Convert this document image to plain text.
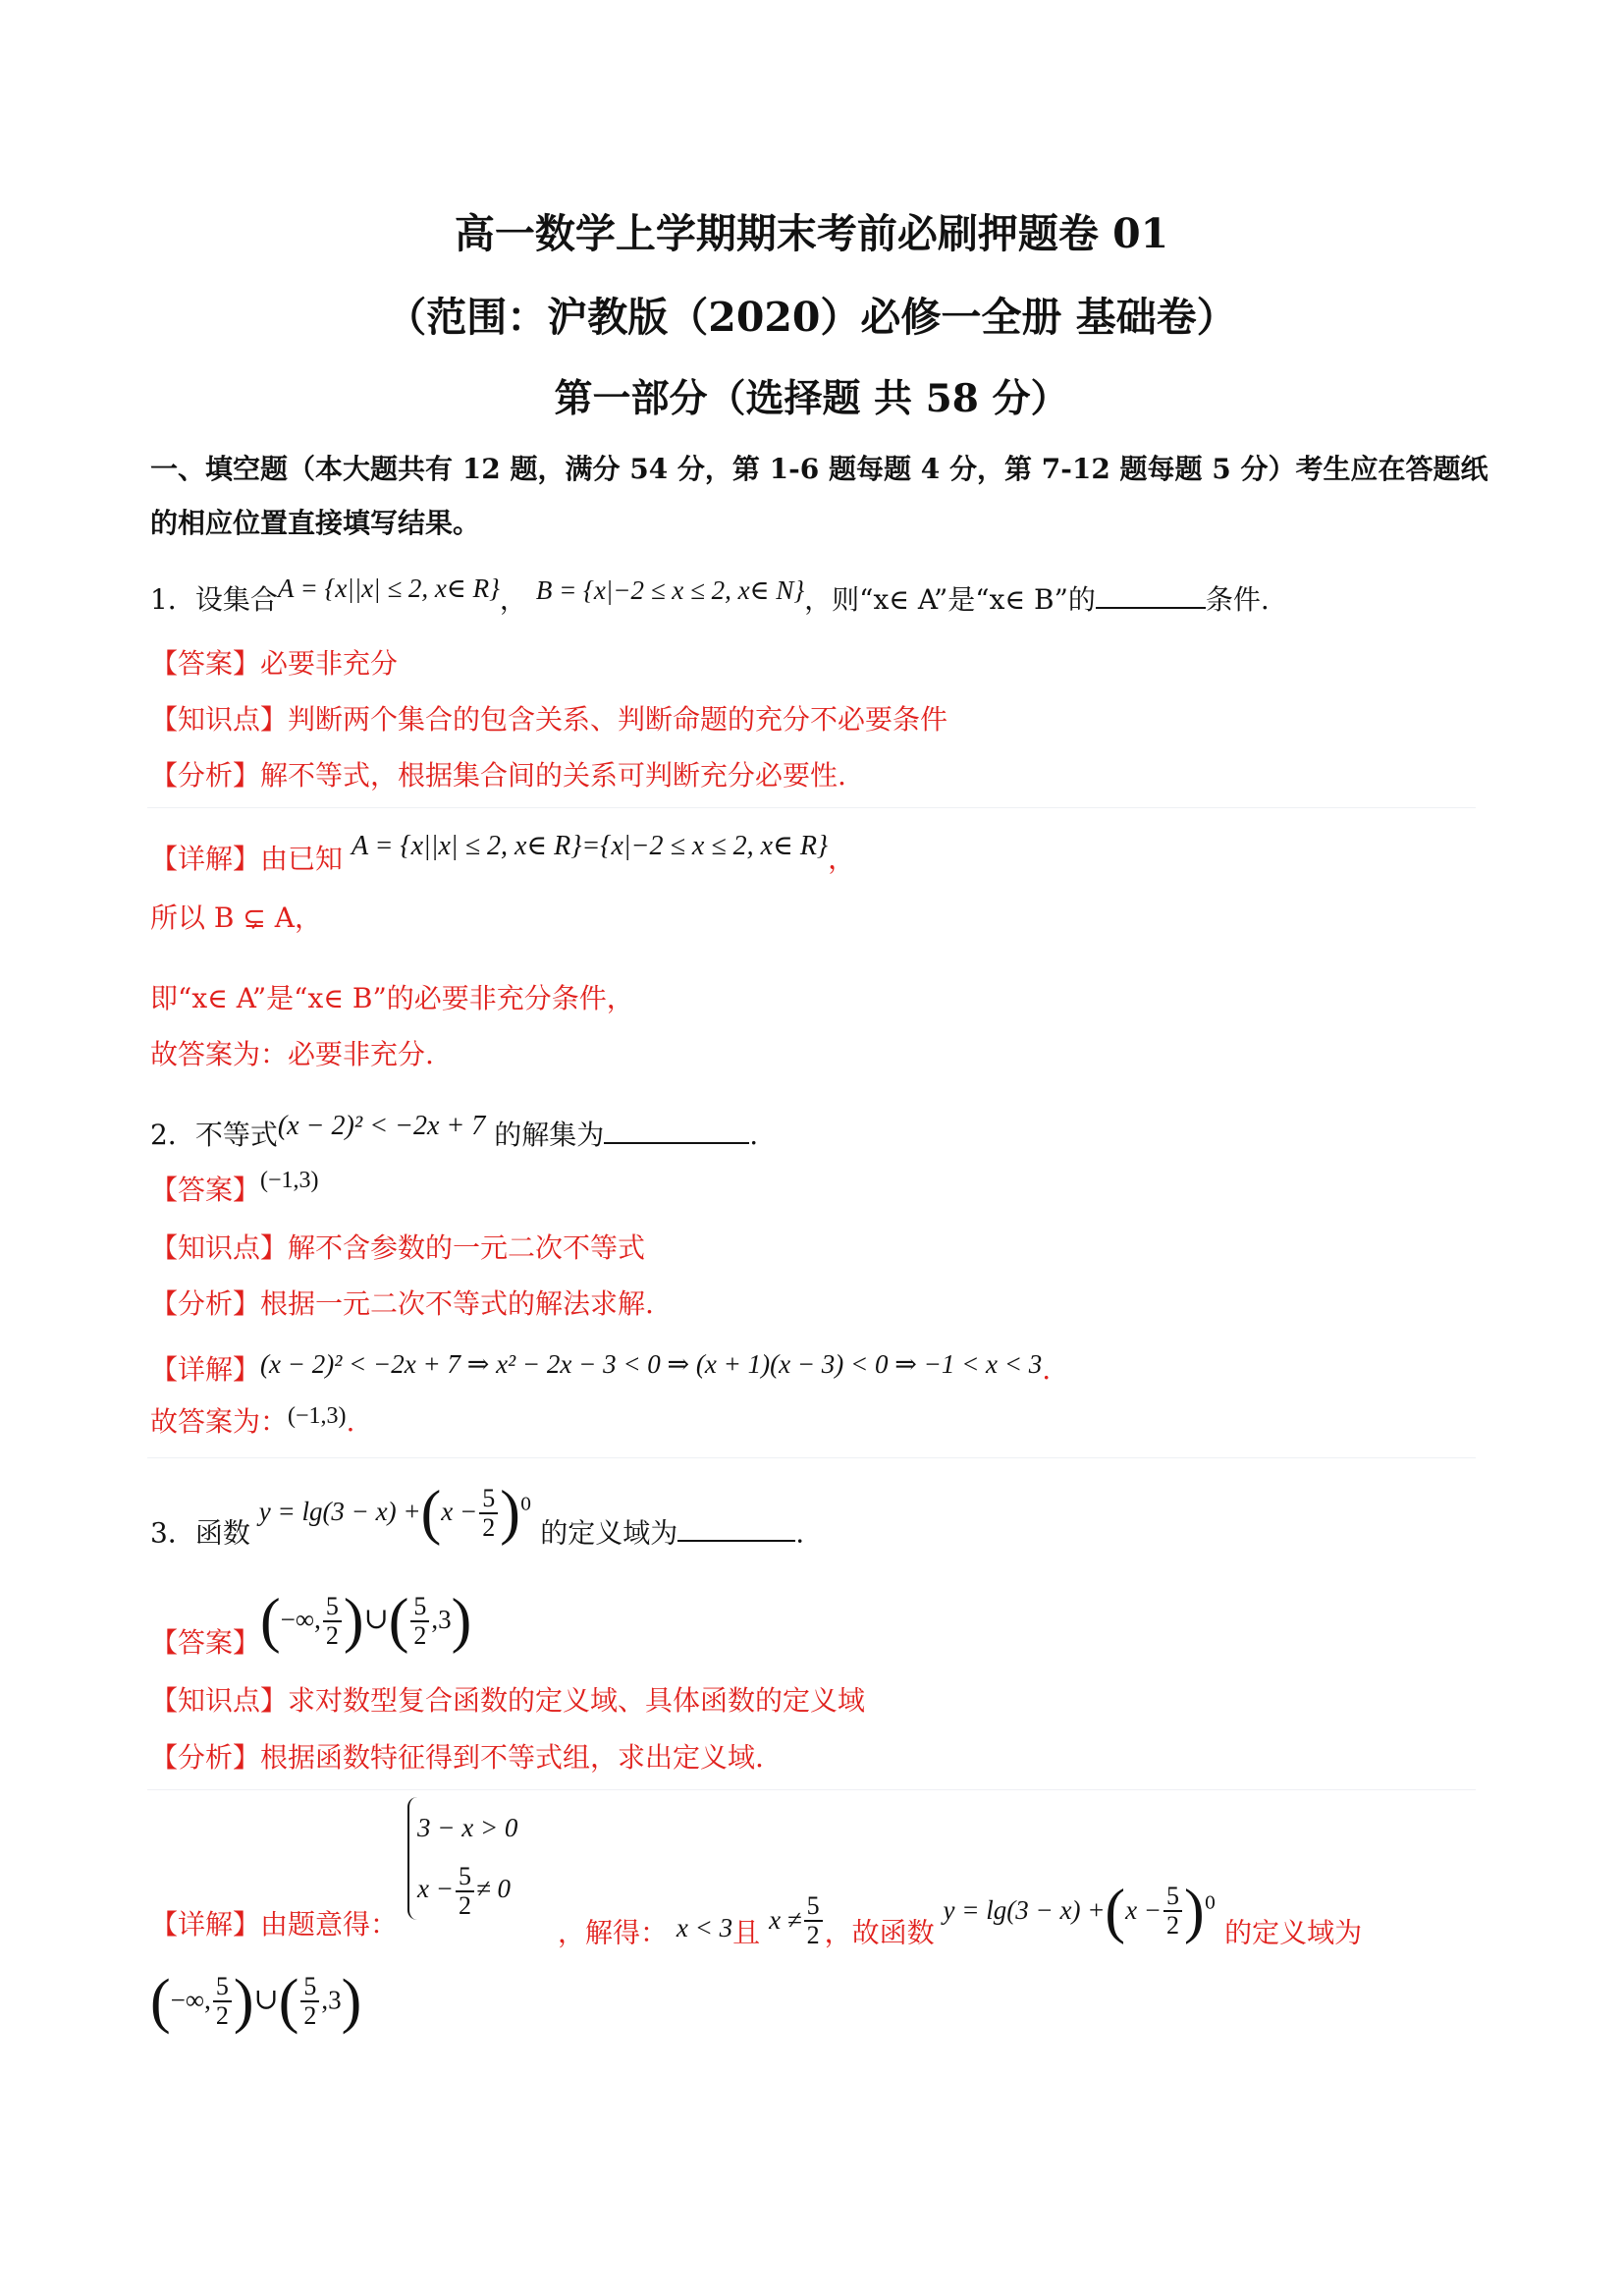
高一数学上学期期末考前必刷押题卷 01
（范围：沪教版（2020）必修一全册 基础卷）
第一部分（选择题 共 58 分）
一、填空题（本大题共有 12 题，满分 54 分，第 1-6 题每题 4 分，第 7-12 题每题 5 分）考生应在答题纸
的相应位置直接填写结果。
1．设集合A = {x||x| ≤ 2, x∈ R}， B = {x|−2 ≤ x ≤ 2, x∈ N}，则“x∈ A”是“x∈ B”的	条件.
【答案】必要非充分
【知识点】判断两个集合的包含关系、判断命题的充分不必要条件
【分析】解不等式，根据集合间的关系可判断充分必要性.
【详解】由已知 A = {x||x| ≤ 2, x∈ R}={x|−2 ≤ x ≤ 2, x∈ R}，
所以 B ⊊ A，
即“x∈ A”是“x∈ B”的必要非充分条件，
故答案为：必要非充分.
2．不等式(x − 2)² < −2x + 7 的解集为	.
【答案】(−1,3)
【知识点】解不含参数的一元二次不等式
【分析】根据一元二次不等式的解法求解.
【详解】(x − 2)² < −2x + 7 ⇒ x² − 2x − 3 < 0 ⇒ (x + 1)(x − 3) < 0 ⇒ −1 < x < 3.
故答案为：(−1,3).
3．函数 $y = \lg(3 - x) +(x - \frac{5}{2} )^0$ 的定义域为	.
【答案】(−∞, $\frac{5}{2}$ )∪( $\frac{5}{2} ,3$)
【知识点】求对数型复合函数的定义域、具体函数的定义域
【分析】根据函数特征得到不等式组，求出定义域.
【详解】由题意得：
3 − x > 0
$x - \frac{5}{2} \ne 0$
，解得： x < 3且 $x \ne \frac{5}{2}$ ，故函数 $y = \lg(3 - x) +(x - \frac{5}{2} )^0$ 的定义域为
(−∞, $\frac{5}{2}$ )∪( $\frac{5}{2} ,3$)
